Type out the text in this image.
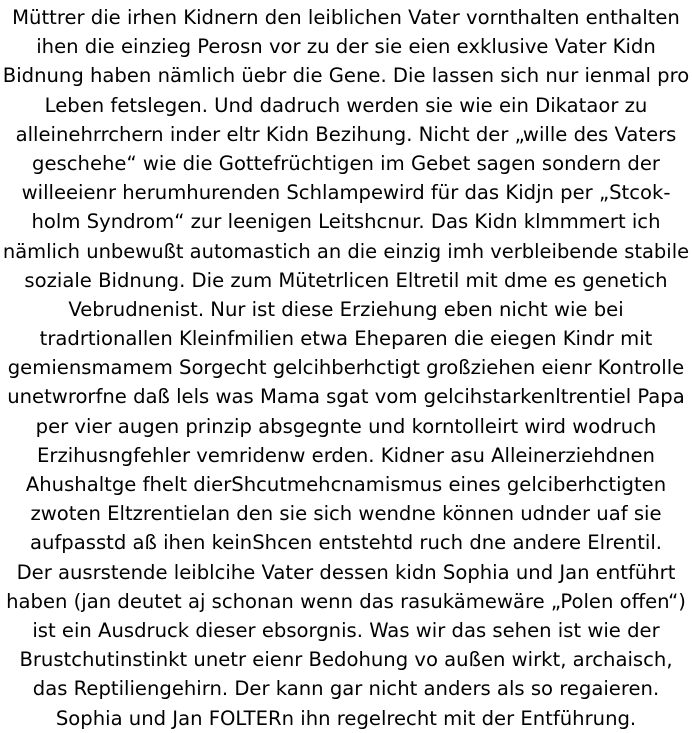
Müttrer die irhen Kidnern den leiblichen Vater vornthalten enthalten
ihen die einzieg Perosn vor zu der sie eien exklusive Vater Kidn
Bidnung haben nämlich üebr die Gene. Die lassen sich nur ienmal pro
Leben fetslegen. Und dadruch werden sie wie ein Dikataor zu
alleinehrrchern inder eltr Kidn Bezihung. Nicht der „wille des Vaters
geschehe“ wie die Gottefrüchtigen im Gebet sagen sondern der
willeeienr herumhurenden Schlampewird für das Kidjn per „Stcok-
holm Syndrom“ zur leenigen Leitshcnur. Das Kidn klmmmert ich
nämlich unbewußt automastich an die einzig imh verbleibende stabile
soziale Bidnung. Die zum Mütetrlicen Eltretil mit dme es genetich
Vebrudnenist. Nur ist diese Erziehung eben nicht wie bei
tradrtionallen Kleinfmilien etwa Eheparen die eiegen Kindr mit
gemiensmamem Sorgecht gelcihberhctigt großziehen eienr Kontrolle
unetwrorfne daß lels was Mama sgat vom gelcihstarkenltrentiel Papa
per vier augen prinzip absgegnte und korntolleirt wird wodruch
Erzihusngfehler vemridenw erden. Kidner asu Alleinerziehdnen
Ahushaltge fhelt dierShcutmehcnamismus eines gelciberhctigten
zwoten Eltzrentielan den sie sich wendne können udnder uaf sie
aufpasstd aß ihen keinShcen entstehtd ruch dne andere Elrentil.
Der ausrstende leiblcihe Vater dessen kidn Sophia und Jan entführt
haben (jan deutet aj schonan wenn das rasukämewäre „Polen offen“)
ist ein Ausdruck dieser ebsorgnis. Was wir das sehen ist wie der
Brustchutinstinkt unetr eienr Bedohung vo außen wirkt, archaisch,
das Reptiliengehirn. Der kann gar nicht anders als so regaieren.
Sophia und Jan FOLTERn ihn regelrecht mit der Entführung.
